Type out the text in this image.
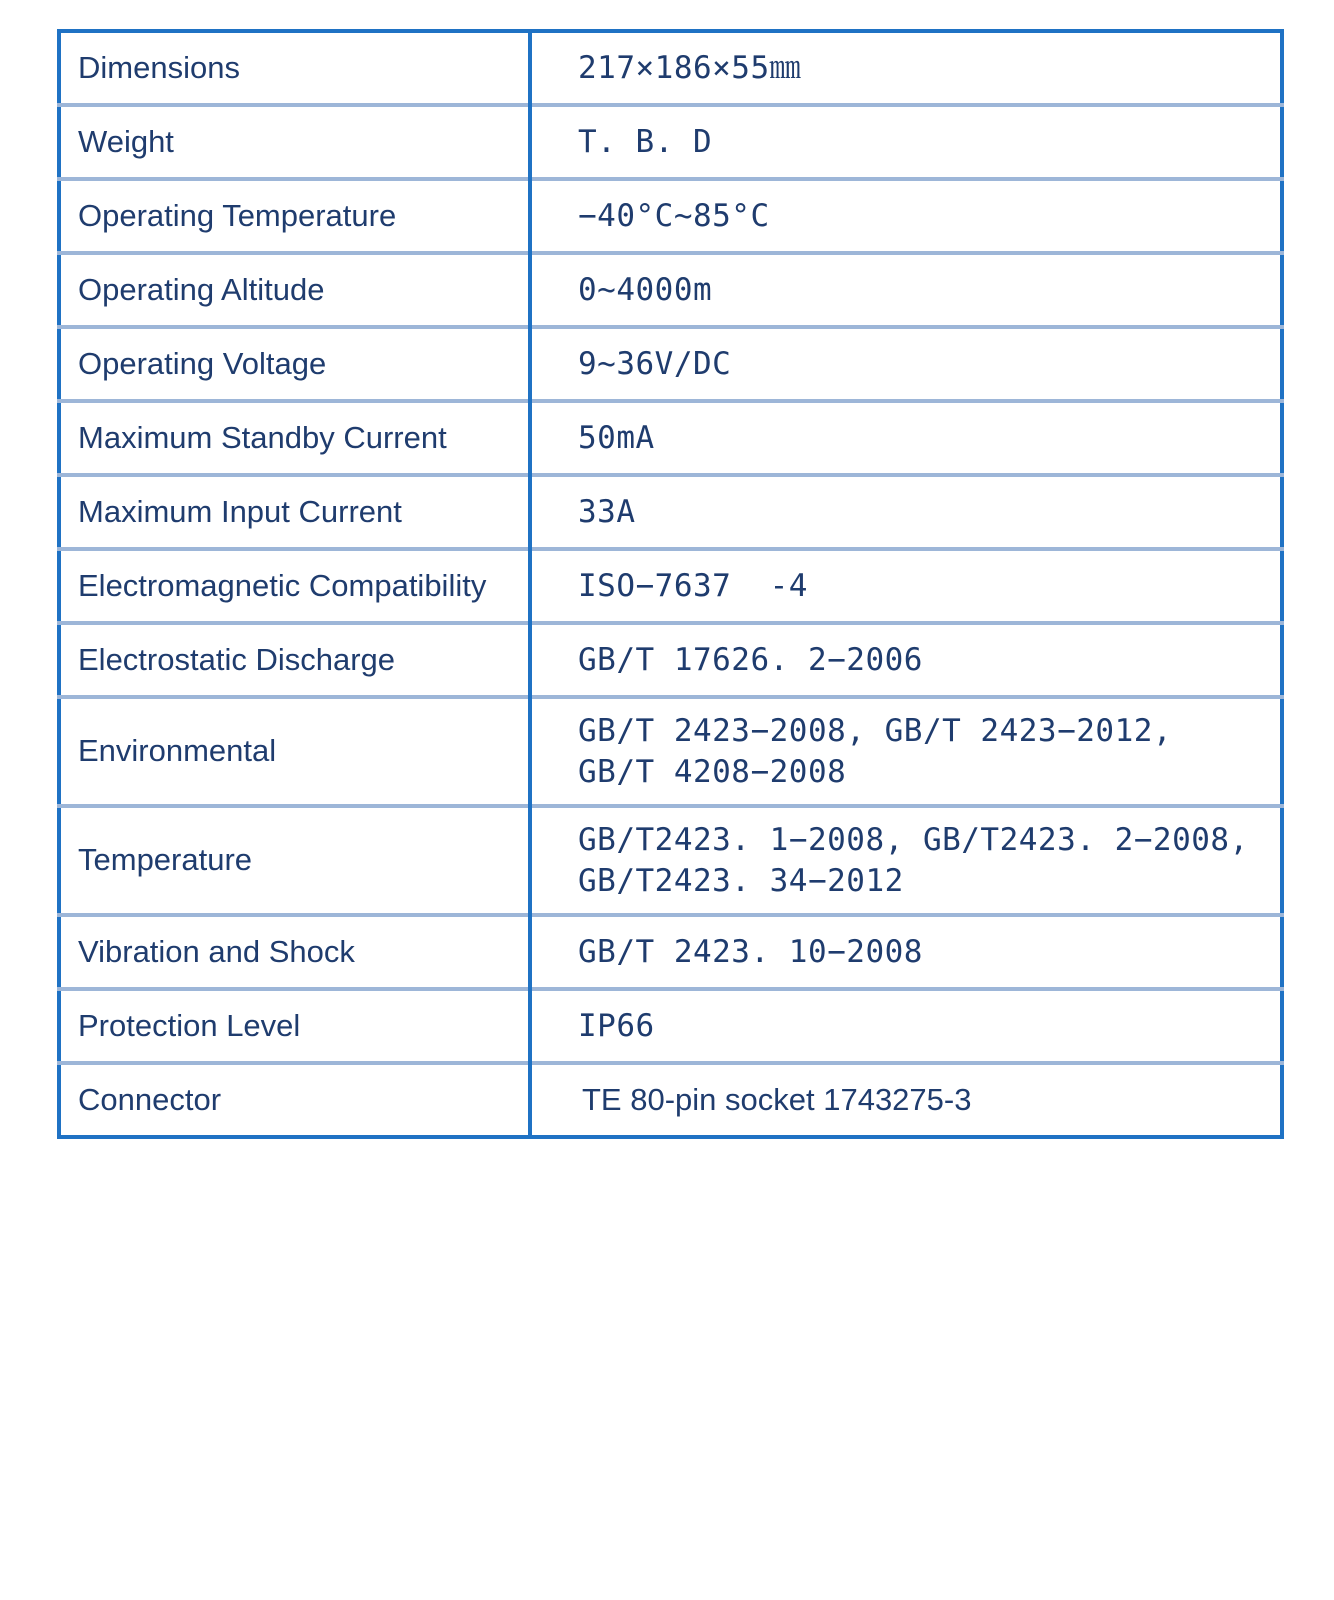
Dimensions	217×186×55㎜

Weight	T. B. D

Operating Temperature	−40°C~85°C

Operating Altitude	0~4000m

Operating Voltage	9~36V/DC

Maximum Standby Current	50mA

Maximum Input Current	33A

Electromagnetic Compatibility	ISO−7637  -4

Electrostatic Discharge	GB/T 17626. 2−2006

Environmental	GB/T 2423−2008, GB/T 2423−2012,
GB/T 4208−2008

Temperature	GB/T2423. 1−2008, GB/T2423. 2−2008,
GB/T2423. 34−2012

Vibration and Shock	GB/T 2423. 10−2008

Protection Level	IP66

Connector	TE 80-pin socket 1743275-3
